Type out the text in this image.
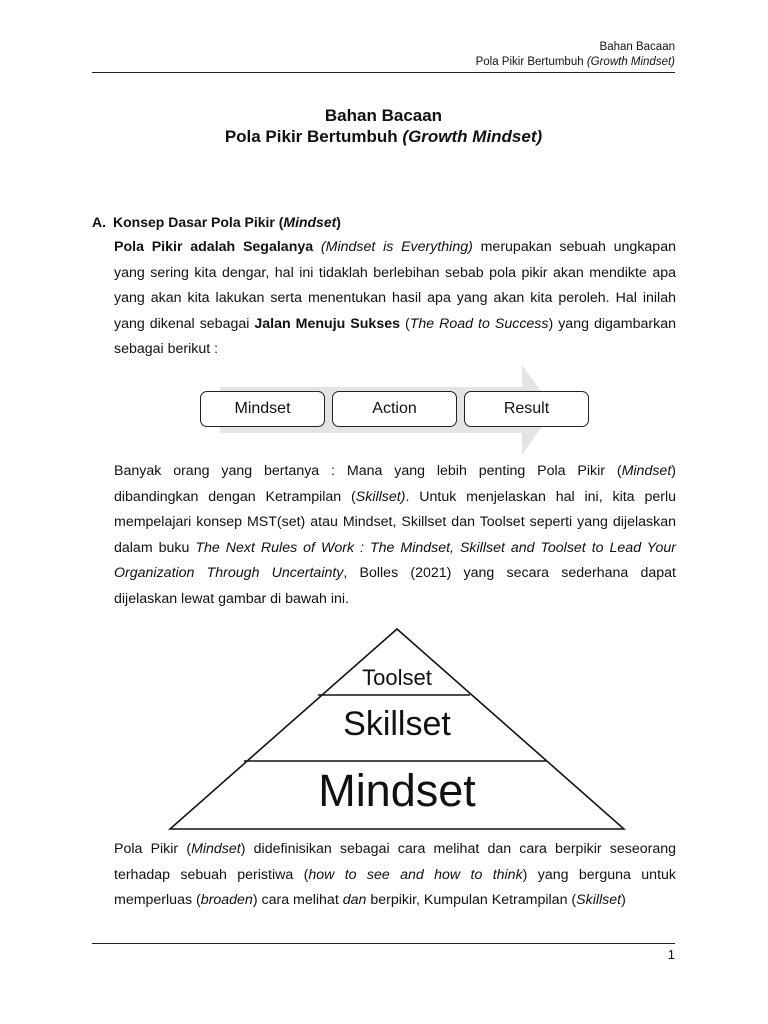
Bahan Bacaan
Pola Pikir Bertumbuh (Growth Mindset)
Bahan Bacaan
Pola Pikir Bertumbuh (Growth Mindset)
A. Konsep Dasar Pola Pikir (Mindset)
Pola Pikir adalah Segalanya (Mindset is Everything) merupakan sebuah ungkapan yang sering kita dengar, hal ini tidaklah berlebihan sebab pola pikir akan mendikte apa yang akan kita lakukan serta menentukan hasil apa yang akan kita peroleh. Hal inilah yang dikenal sebagai Jalan Menuju Sukses (The Road to Success) yang digambarkan sebagai berikut :
Mindset	Action	Result
Banyak orang yang bertanya : Mana yang lebih penting Pola Pikir (Mindset) dibandingkan dengan Ketrampilan (Skillset). Untuk menjelaskan hal ini, kita perlu mempelajari konsep MST(set) atau Mindset, Skillset dan Toolset seperti yang dijelaskan dalam buku The Next Rules of Work : The Mindset, Skillset and Toolset to Lead Your Organization Through Uncertainty, Bolles (2021) yang secara sederhana dapat dijelaskan lewat gambar di bawah ini.
Toolset
Skillset
Mindset
Pola Pikir (Mindset) didefinisikan sebagai cara melihat dan cara berpikir seseorang terhadap sebuah peristiwa (how to see and how to think) yang berguna untuk memperluas (broaden) cara melihat dan berpikir, Kumpulan Ketrampilan (Skillset)
1
